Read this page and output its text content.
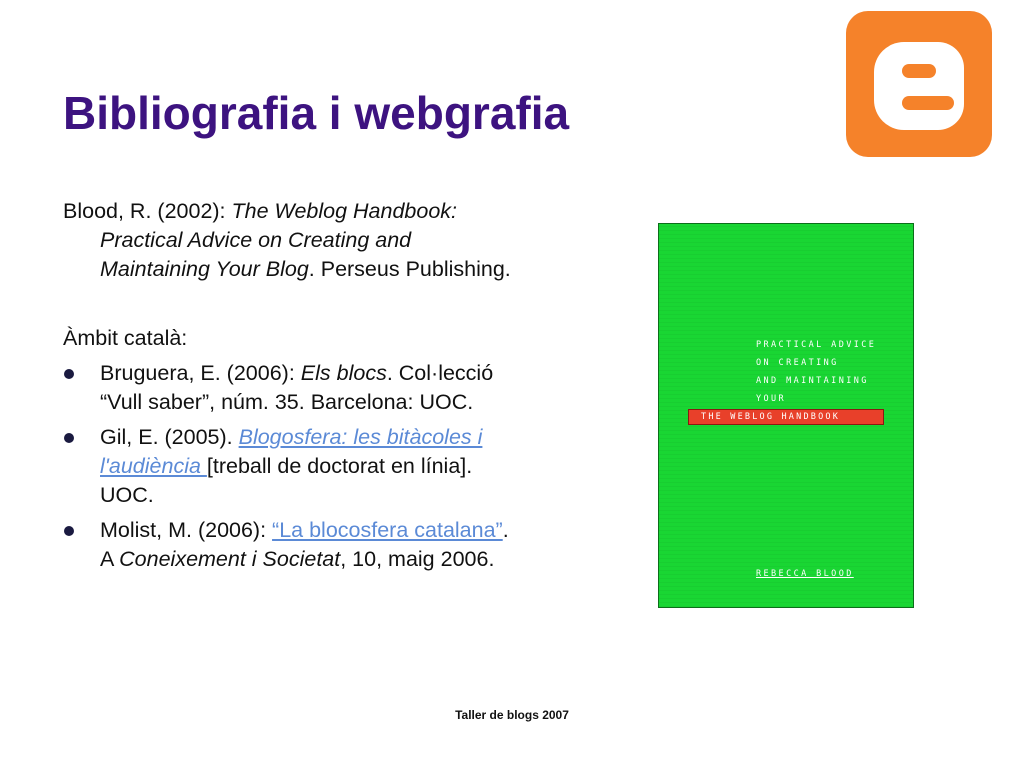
Bibliografia i webgrafia

Blood, R. (2002): The Weblog Handbook: Practical Advice on Creating and Maintaining Your Blog. Perseus Publishing.

Àmbit català:

Bruguera, E. (2006): Els blocs. Col·lecció “Vull saber”, núm. 35. Barcelona: UOC.
Gil, E. (2005). Blogosfera: les bitàcoles i l'audiència [treball de doctorat en línia]. UOC.
Molist, M. (2006): “La blocosfera catalana”. A Coneixement i Societat, 10, maig 2006.
PRACTICAL ADVICE
ON CREATING
AND MAINTAINING
YOUR
THE WEBLOG HANDBOOK
REBECCA BLOOD
Taller de blogs 2007
